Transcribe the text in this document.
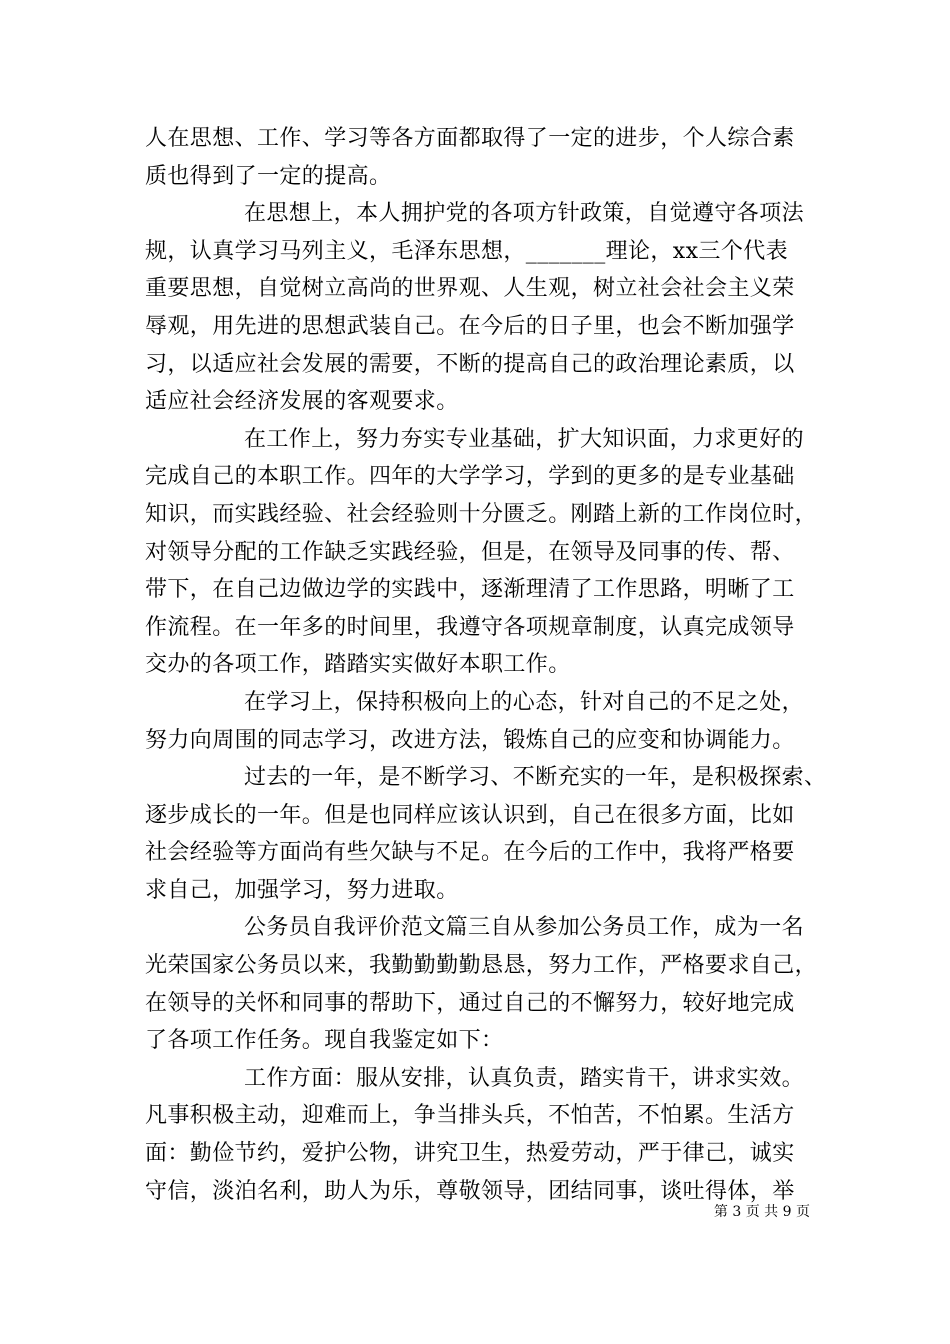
人在思想、工作、学习等各方面都取得了一定的进步，个人综合素
质也得到了一定的提高。
在思想上，本人拥护党的各项方针政策，自觉遵守各项法
规，认真学习马列主义，毛泽东思想，_______理论，xx三个代表
重要思想，自觉树立高尚的世界观、人生观，树立社会社会主义荣
辱观，用先进的思想武装自己。在今后的日子里，也会不断加强学
习，以适应社会发展的需要，不断的提高自己的政治理论素质，以
适应社会经济发展的客观要求。
在工作上，努力夯实专业基础，扩大知识面，力求更好的
完成自己的本职工作。四年的大学学习，学到的更多的是专业基础
知识，而实践经验、社会经验则十分匮乏。刚踏上新的工作岗位时，
对领导分配的工作缺乏实践经验，但是，在领导及同事的传、帮、
带下，在自己边做边学的实践中，逐渐理清了工作思路，明晰了工
作流程。在一年多的时间里，我遵守各项规章制度，认真完成领导
交办的各项工作，踏踏实实做好本职工作。
在学习上，保持积极向上的心态，针对自己的不足之处，
努力向周围的同志学习，改进方法，锻炼自己的应变和协调能力。
过去的一年，是不断学习、不断充实的一年，是积极探索、
逐步成长的一年。但是也同样应该认识到，自己在很多方面，比如
社会经验等方面尚有些欠缺与不足。在今后的工作中，我将严格要
求自己，加强学习，努力进取。
公务员自我评价范文篇三自从参加公务员工作，成为一名
光荣国家公务员以来，我勤勤勤勤恳恳，努力工作，严格要求自己，
在领导的关怀和同事的帮助下，通过自己的不懈努力，较好地完成
了各项工作任务。现自我鉴定如下：
工作方面：服从安排，认真负责，踏实肯干，讲求实效。
凡事积极主动，迎难而上，争当排头兵，不怕苦，不怕累。生活方
面：勤俭节约，爱护公物，讲究卫生，热爱劳动，严于律己，诚实
守信，淡泊名利，助人为乐，尊敬领导，团结同事，谈吐得体，举
第 3 页 共 9 页
